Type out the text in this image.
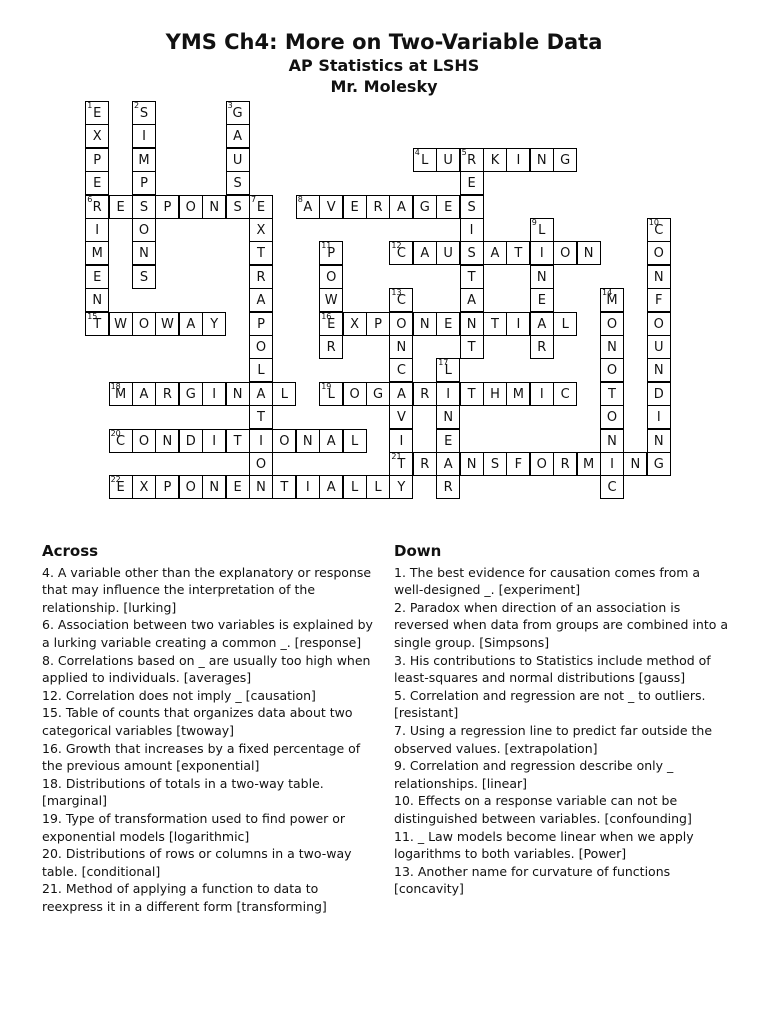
YMS Ch4: More on Two-Variable Data
AP Statistics at LSHS
Mr. Molesky
1
E
X
P
E
6
R
I
M
E
N
15
T
2
S
I
M
P
S
O
N
S
3
G
A
U
S
S
4
L	U
5
R	K	I	N	G
E
S
I
S
T
A
N
T
E	P	O	N
7
E
X
T
R
A
P
O
L
A
T
I
O
N
8
A	V	E	R	A	G	E
9
L
I
N
E
A
R
10
C
O
N
F
O
U
N
D
I
N
G
11
P
O
W
16
E
R
12
C	A	U	A	T	O	N
13
C
O
N
C
A
V
I
21
T
Y
14
M
O
N
O
T
O
N
I
C
W O W A	Y	X	P	N	E	T	I	L
17
L
I
N
E
A
R
18
M	A	R	G	I	N	L
19
L	O	G	R	T	H M	I	C
20
C	O	N	D	I	T	O	N	A	L
R	N	S	F	O	R	M	N
22
E	X	P	O	N	E	T	I	A	L	L
Across

4. A variable other than the explanatory or response that may influence the interpretation of the relationship. [lurking]

6. Association between two variables is explained by a lurking variable creating a common _. [response]

8. Correlations based on _ are usually too high when applied to individuals. [averages]

12. Correlation does not imply _ [causation]

15. Table of counts that organizes data about two categorical variables [twoway]

16. Growth that increases by a fixed percentage of the previous amount [exponential]

18. Distributions of totals in a two-way table. [marginal]

19. Type of transformation used to find power or exponential models [logarithmic]

20. Distributions of rows or columns in a two-way table. [conditional]

21. Method of applying a function to data to reexpress it in a different form [transforming]

Down

1. The best evidence for causation comes from a well-designed _. [experiment]

2. Paradox when direction of an association is reversed when data from groups are combined into a single group. [Simpsons]

3. His contributions to Statistics include method of least-squares and normal distributions [gauss]

5. Correlation and regression are not _ to outliers. [resistant]

7. Using a regression line to predict far outside the observed values. [extrapolation]

9. Correlation and regression describe only _ relationships. [linear]

10. Effects on a response variable can not be distinguished between variables. [confounding]

11. _ Law models become linear when we apply logarithms to both variables. [Power]

13. Another name for curvature of functions [concavity]
